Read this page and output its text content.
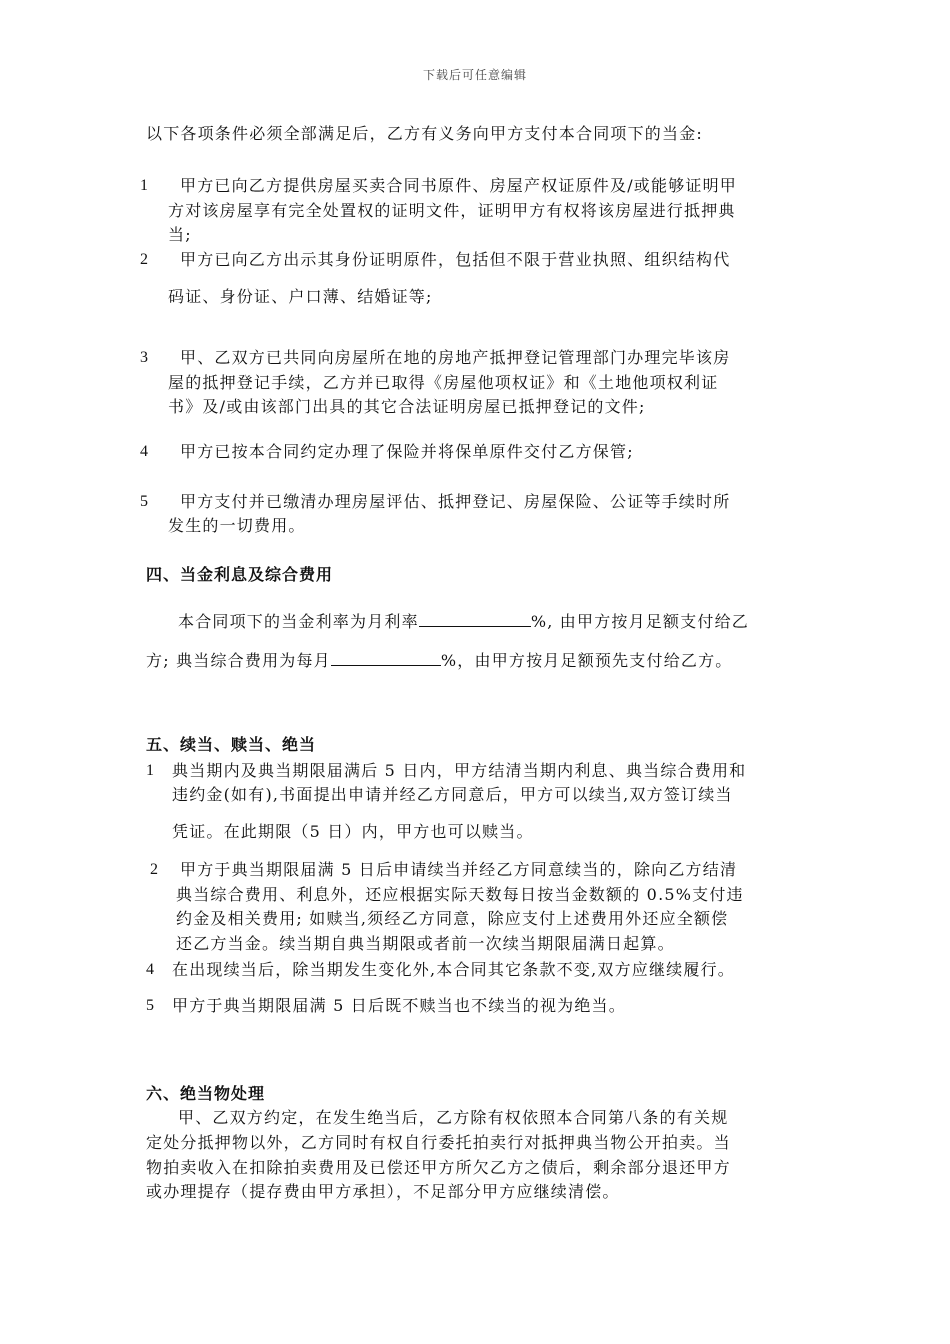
下载后可任意编辑
以下各项条件必须全部满足后，乙方有义务向甲方支付本合同项下的当金:
1 甲方已向乙方提供房屋买卖合同书原件、房屋产权证原件及/或能够证明甲
方对该房屋享有完全处置权的证明文件，证明甲方有权将该房屋进行抵押典
当;
2 甲方已向乙方出示其身份证明原件，包括但不限于营业执照、组织结构代
码证、身份证、户口薄、结婚证等;
3 甲、乙双方已共同向房屋所在地的房地产抵押登记管理部门办理完毕该房
屋的抵押登记手续，乙方并已取得《房屋他项权证》和《土地他项权利证
书》及/或由该部门出具的其它合法证明房屋已抵押登记的文件;
4 甲方已按本合同约定办理了保险并将保单原件交付乙方保管;
5 甲方支付并已缴清办理房屋评估、抵押登记、房屋保险、公证等手续时所
发生的一切费用。
四、当金利息及综合费用
本合同项下的当金利率为月利率	%, 由甲方按月足额支付给乙
方; 典当综合费用为每月	%，由甲方按月足额预先支付给乙方。
五、续当、赎当、绝当
1 典当期内及典当期限届满后 5 日内，甲方结清当期内利息、典当综合费用和
违约金(如有),书面提出申请并经乙方同意后，甲方可以续当,双方签订续当
凭证。在此期限（5 日）内，甲方也可以赎当。
2 甲方于典当期限届满 5 日后申请续当并经乙方同意续当的，除向乙方结清
典当综合费用、利息外，还应根据实际天数每日按当金数额的 0.5%支付违
约金及相关费用; 如赎当,须经乙方同意，除应支付上述费用外还应全额偿
还乙方当金。续当期自典当期限或者前一次续当期限届满日起算。
4 在出现续当后，除当期发生变化外,本合同其它条款不变,双方应继续履行。
5 甲方于典当期限届满 5 日后既不赎当也不续当的视为绝当。
六、绝当物处理
甲、乙双方约定，在发生绝当后，乙方除有权依照本合同第八条的有关规
定处分抵押物以外，乙方同时有权自行委托拍卖行对抵押典当物公开拍卖。当
物拍卖收入在扣除拍卖费用及已偿还甲方所欠乙方之债后，剩余部分退还甲方
或办理提存（提存费由甲方承担），不足部分甲方应继续清偿。
